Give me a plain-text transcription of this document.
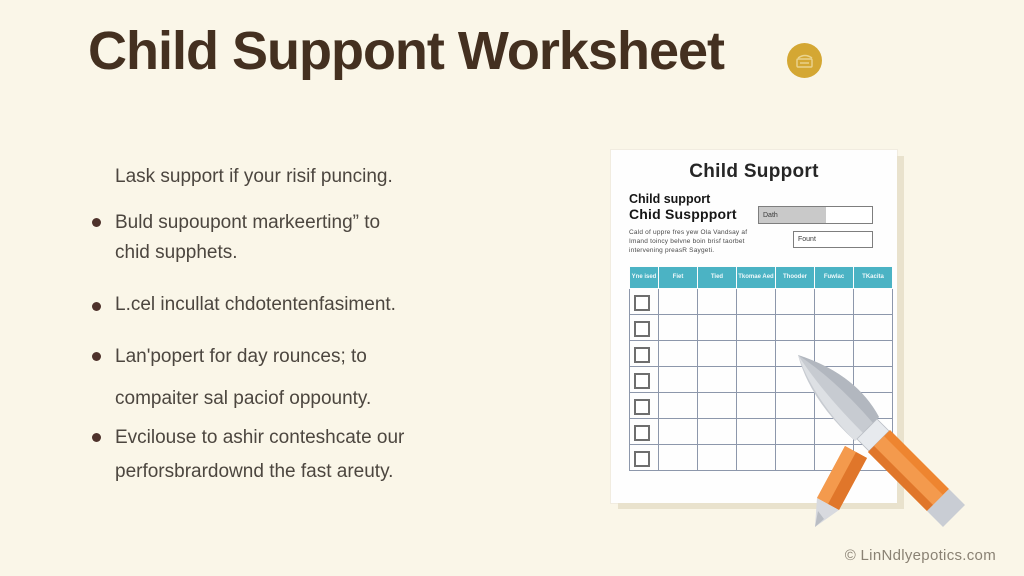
Child Suppont Worksheet
Lask support if your risif puncing.
Buld supoupont markeerting” to
chid supphets.
L.cel incullat chdotentenfasiment.
Lan'popert for day rounces; to
compaiter sal paciof oppounty.
Evcilouse to ashir conteshcate our
perforsbrardownd the fast areuty.
Child Support
Child support
Chid Susppport	Dath
Cald of uppre fres yew Ola Vandsay af
Imand toincy belvne boin brisf taorbet
intervening preasR Saygeti.
Fount
Yne ised	Fiet	Tied	Tkomae Aed	Thooder	Fuwlac	TKacita

© LinNdlyepotics.com
